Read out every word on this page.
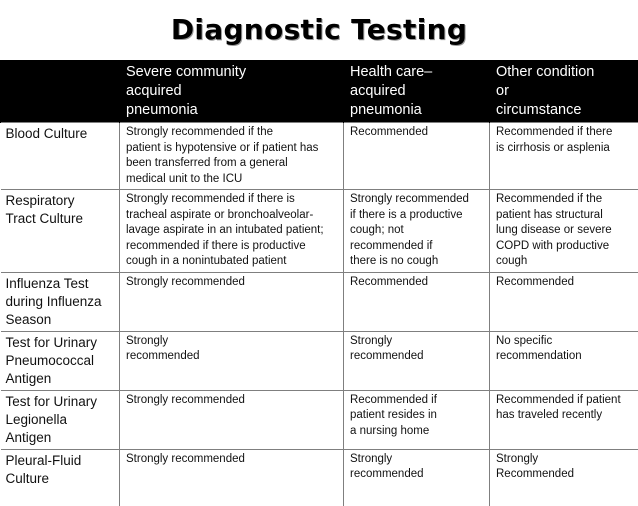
Diagnostic Testing
	Severe community
acquired
pneumonia	Health care–
acquired
pneumonia	Other condition
or
circumstance
Blood Culture	Strongly recommended if the
patient is hypotensive or if patient has
been transferred from a general
medical unit to the ICU	Recommended	Recommended if there
is cirrhosis or asplenia
Respiratory
Tract Culture	Strongly recommended if there is
tracheal aspirate or bronchoalveolar-
lavage aspirate in an intubated patient;
recommended if there is productive
cough in a nonintubated patient	Strongly recommended
if there is a productive
cough; not
recommended if
there is no cough	Recommended if the
patient has structural
lung disease or severe
COPD with productive
cough
Influenza Test
during Influenza
Season	Strongly recommended	Recommended	Recommended
Test for Urinary
Pneumococcal
Antigen	Strongly
recommended	Strongly
recommended	No specific
recommendation
Test for Urinary
Legionella
Antigen	Strongly recommended	Recommended if
patient resides in
a nursing home	Recommended if patient
has traveled recently
Pleural-Fluid
Culture	Strongly recommended	Strongly
recommended	Strongly
Recommended
